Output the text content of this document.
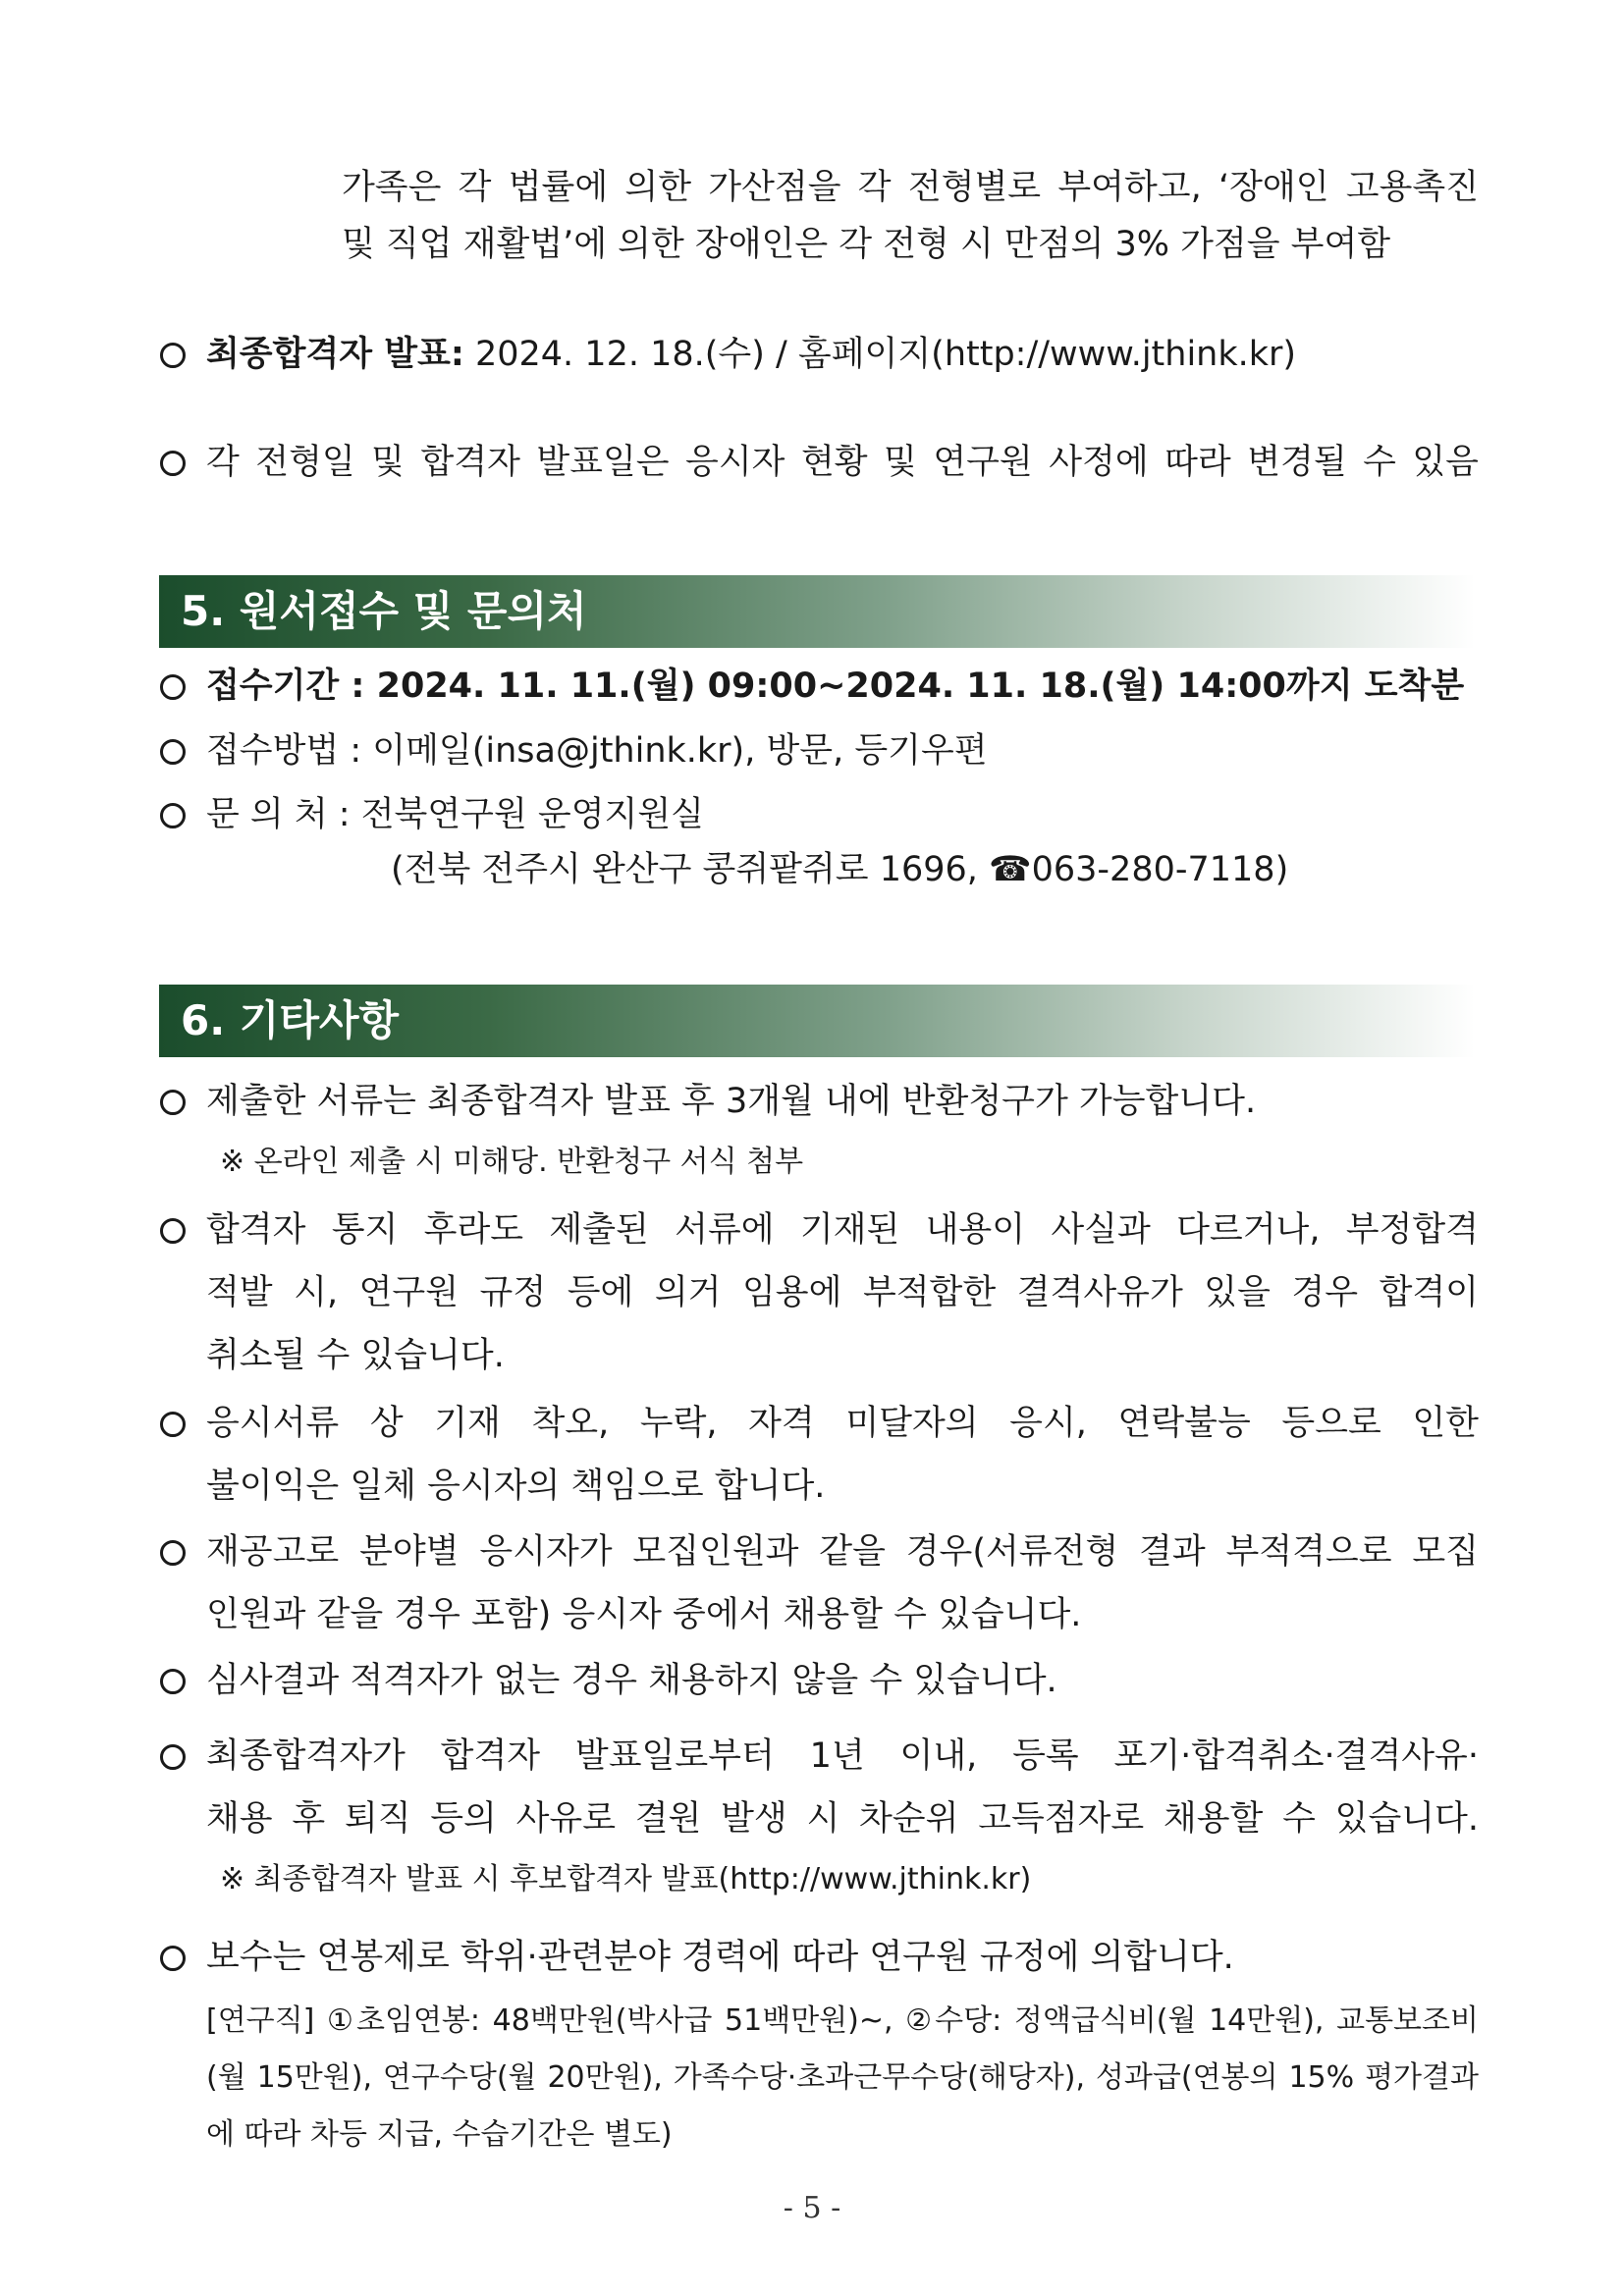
가족은 각 법률에 의한 가산점을 각 전형별로 부여하고, ‘장애인 고용촉진
및 직업 재활법’에 의한 장애인은 각 전형 시 만점의 3% 가점을 부여함
최종합격자 발표: 2024. 12. 18.(수) / 홈페이지(http://www.jthink.kr)
각 전형일 및 합격자 발표일은 응시자 현황 및 연구원 사정에 따라 변경될 수 있음
5. 원서접수 및 문의처
접수기간 : 2024. 11. 11.(월) 09:00~2024. 11. 18.(월) 14:00까지 도착분
접수방법 : 이메일(insa@jthink.kr), 방문, 등기우편
문 의 처 : 전북연구원 운영지원실
(전북 전주시 완산구 콩쥐팥쥐로 1696, ☎063-280-7118)
6. 기타사항
제출한 서류는 최종합격자 발표 후 3개월 내에 반환청구가 가능합니다.
※ 온라인 제출 시 미해당. 반환청구 서식 첨부
합격자 통지 후라도 제출된 서류에 기재된 내용이 사실과 다르거나, 부정합격
적발 시, 연구원 규정 등에 의거 임용에 부적합한 결격사유가 있을 경우 합격이
취소될 수 있습니다.
응시서류 상 기재 착오, 누락, 자격 미달자의 응시, 연락불능 등으로 인한
불이익은 일체 응시자의 책임으로 합니다.
재공고로 분야별 응시자가 모집인원과 같을 경우(서류전형 결과 부적격으로 모집
인원과 같을 경우 포함) 응시자 중에서 채용할 수 있습니다.
심사결과 적격자가 없는 경우 채용하지 않을 수 있습니다.
최종합격자가 합격자 발표일로부터 1년 이내, 등록 포기·합격취소·결격사유·
채용 후 퇴직 등의 사유로 결원 발생 시 차순위 고득점자로 채용할 수 있습니다.
※ 최종합격자 발표 시 후보합격자 발표(http://www.jthink.kr)
보수는 연봉제로 학위·관련분야 경력에 따라 연구원 규정에 의합니다.
[연구직] ①초임연봉: 48백만원(박사급 51백만원)~, ②수당: 정액급식비(월 14만원), 교통보조비
(월 15만원), 연구수당(월 20만원), 가족수당·초과근무수당(해당자), 성과급(연봉의 15% 평가결과
에 따라 차등 지급, 수습기간은 별도)
- 5 -
